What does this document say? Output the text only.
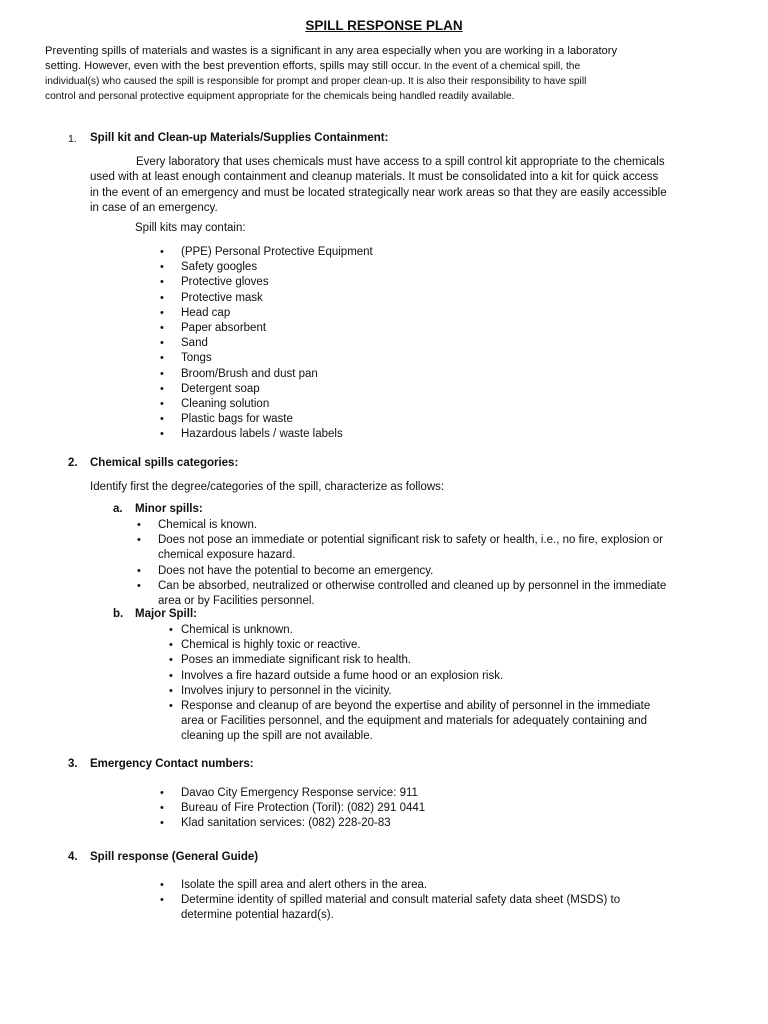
SPILL RESPONSE PLAN
Preventing spills of materials and wastes is a significant in any area especially when you are working in a laboratory
setting. However, even with the best prevention efforts, spills may still occur. In the event of a chemical spill, the
individual(s) who caused the spill is responsible for prompt and proper clean-up. It is also their responsibility to have spill
control and personal protective equipment appropriate for the chemicals being handled readily available.
1. Spill kit and Clean-up Materials/Supplies Containment:
Every laboratory that uses chemicals must have access to a spill control kit appropriate to the chemicals
used with at least enough containment and cleanup materials. It must be consolidated into a kit for quick access
in the event of an emergency and must be located strategically near work areas so that they are easily accessible
in case of an emergency.
Spill kits may contain:
• (PPE) Personal Protective Equipment
• Safety googles
• Protective gloves
• Protective mask
• Head cap
• Paper absorbent
• Sand
• Tongs
• Broom/Brush and dust pan
• Detergent soap
• Cleaning solution
• Plastic bags for waste
• Hazardous labels / waste labels
2. Chemical spills categories:
Identify first the degree/categories of the spill, characterize as follows:
a. Minor spills:
• Chemical is known.
• Does not pose an immediate or potential significant risk to safety or health, i.e., no fire, explosion or
chemical exposure hazard.
• Does not have the potential to become an emergency.
• Can be absorbed, neutralized or otherwise controlled and cleaned up by personnel in the immediate
area or by Facilities personnel.
b. Major Spill:
• Chemical is unknown.
• Chemical is highly toxic or reactive.
• Poses an immediate significant risk to health.
• Involves a fire hazard outside a fume hood or an explosion risk.
• Involves injury to personnel in the vicinity.
• Response and cleanup of are beyond the expertise and ability of personnel in the immediate
area or Facilities personnel, and the equipment and materials for adequately containing and
cleaning up the spill are not available.
3. Emergency Contact numbers:
• Davao City Emergency Response service: 911
• Bureau of Fire Protection (Toril): (082) 291 0441
• Klad sanitation services: (082) 228-20-83
4. Spill response (General Guide)
• Isolate the spill area and alert others in the area.
• Determine identity of spilled material and consult material safety data sheet (MSDS) to
determine potential hazard(s).
